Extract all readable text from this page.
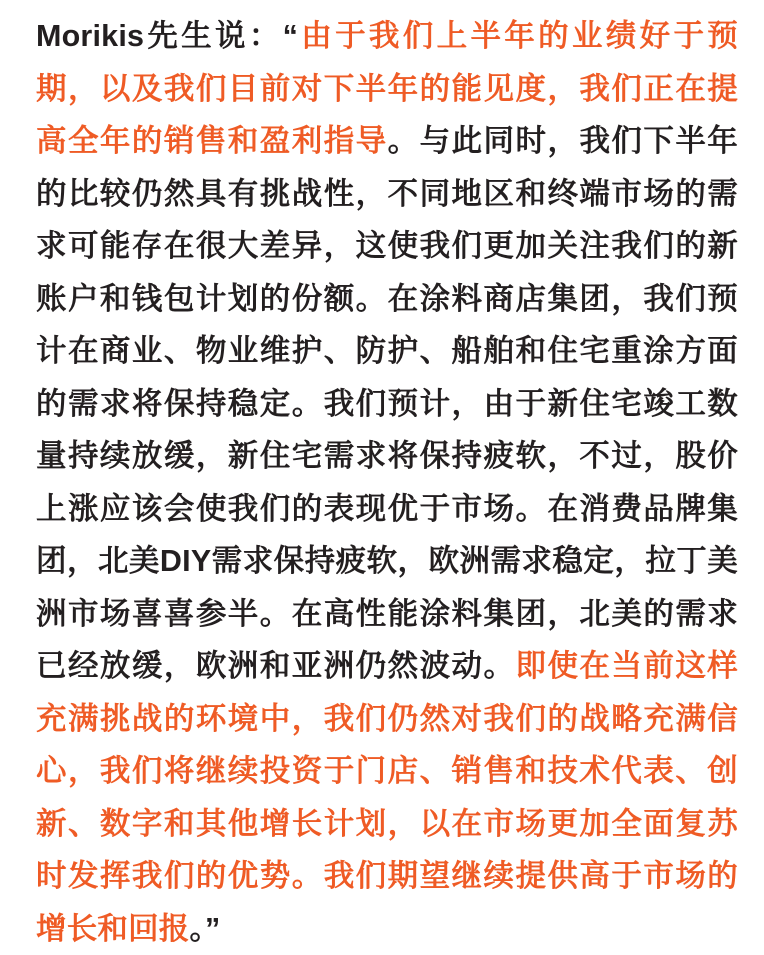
Morikis先生说：“由于我们上半年的业绩好于预期，以及我们目前对下半年的能见度，我们正在提高全年的销售和盈利指导。与此同时，我们下半年的比较仍然具有挑战性，不同地区和终端市场的需求可能存在很大差异，这使我们更加关注我们的新账户和钱包计划的份额。在涂料商店集团，我们预计在商业、物业维护、防护、船舶和住宅重涂方面的需求将保持稳定。我们预计，由于新住宅竣工数量持续放缓，新住宅需求将保持疲软，不过，股价上涨应该会使我们的表现优于市场。在消费品牌集团，北美DIY需求保持疲软，欧洲需求稳定，拉丁美洲市场喜喜参半。在高性能涂料集团，北美的需求已经放缓，欧洲和亚洲仍然波动。即使在当前这样充满挑战的环境中，我们仍然对我们的战略充满信心，我们将继续投资于门店、销售和技术代表、创新、数字和其他增长计划，以在市场更加全面复苏时发挥我们的优势。我们期望继续提供高于市场的增长和回报。”
